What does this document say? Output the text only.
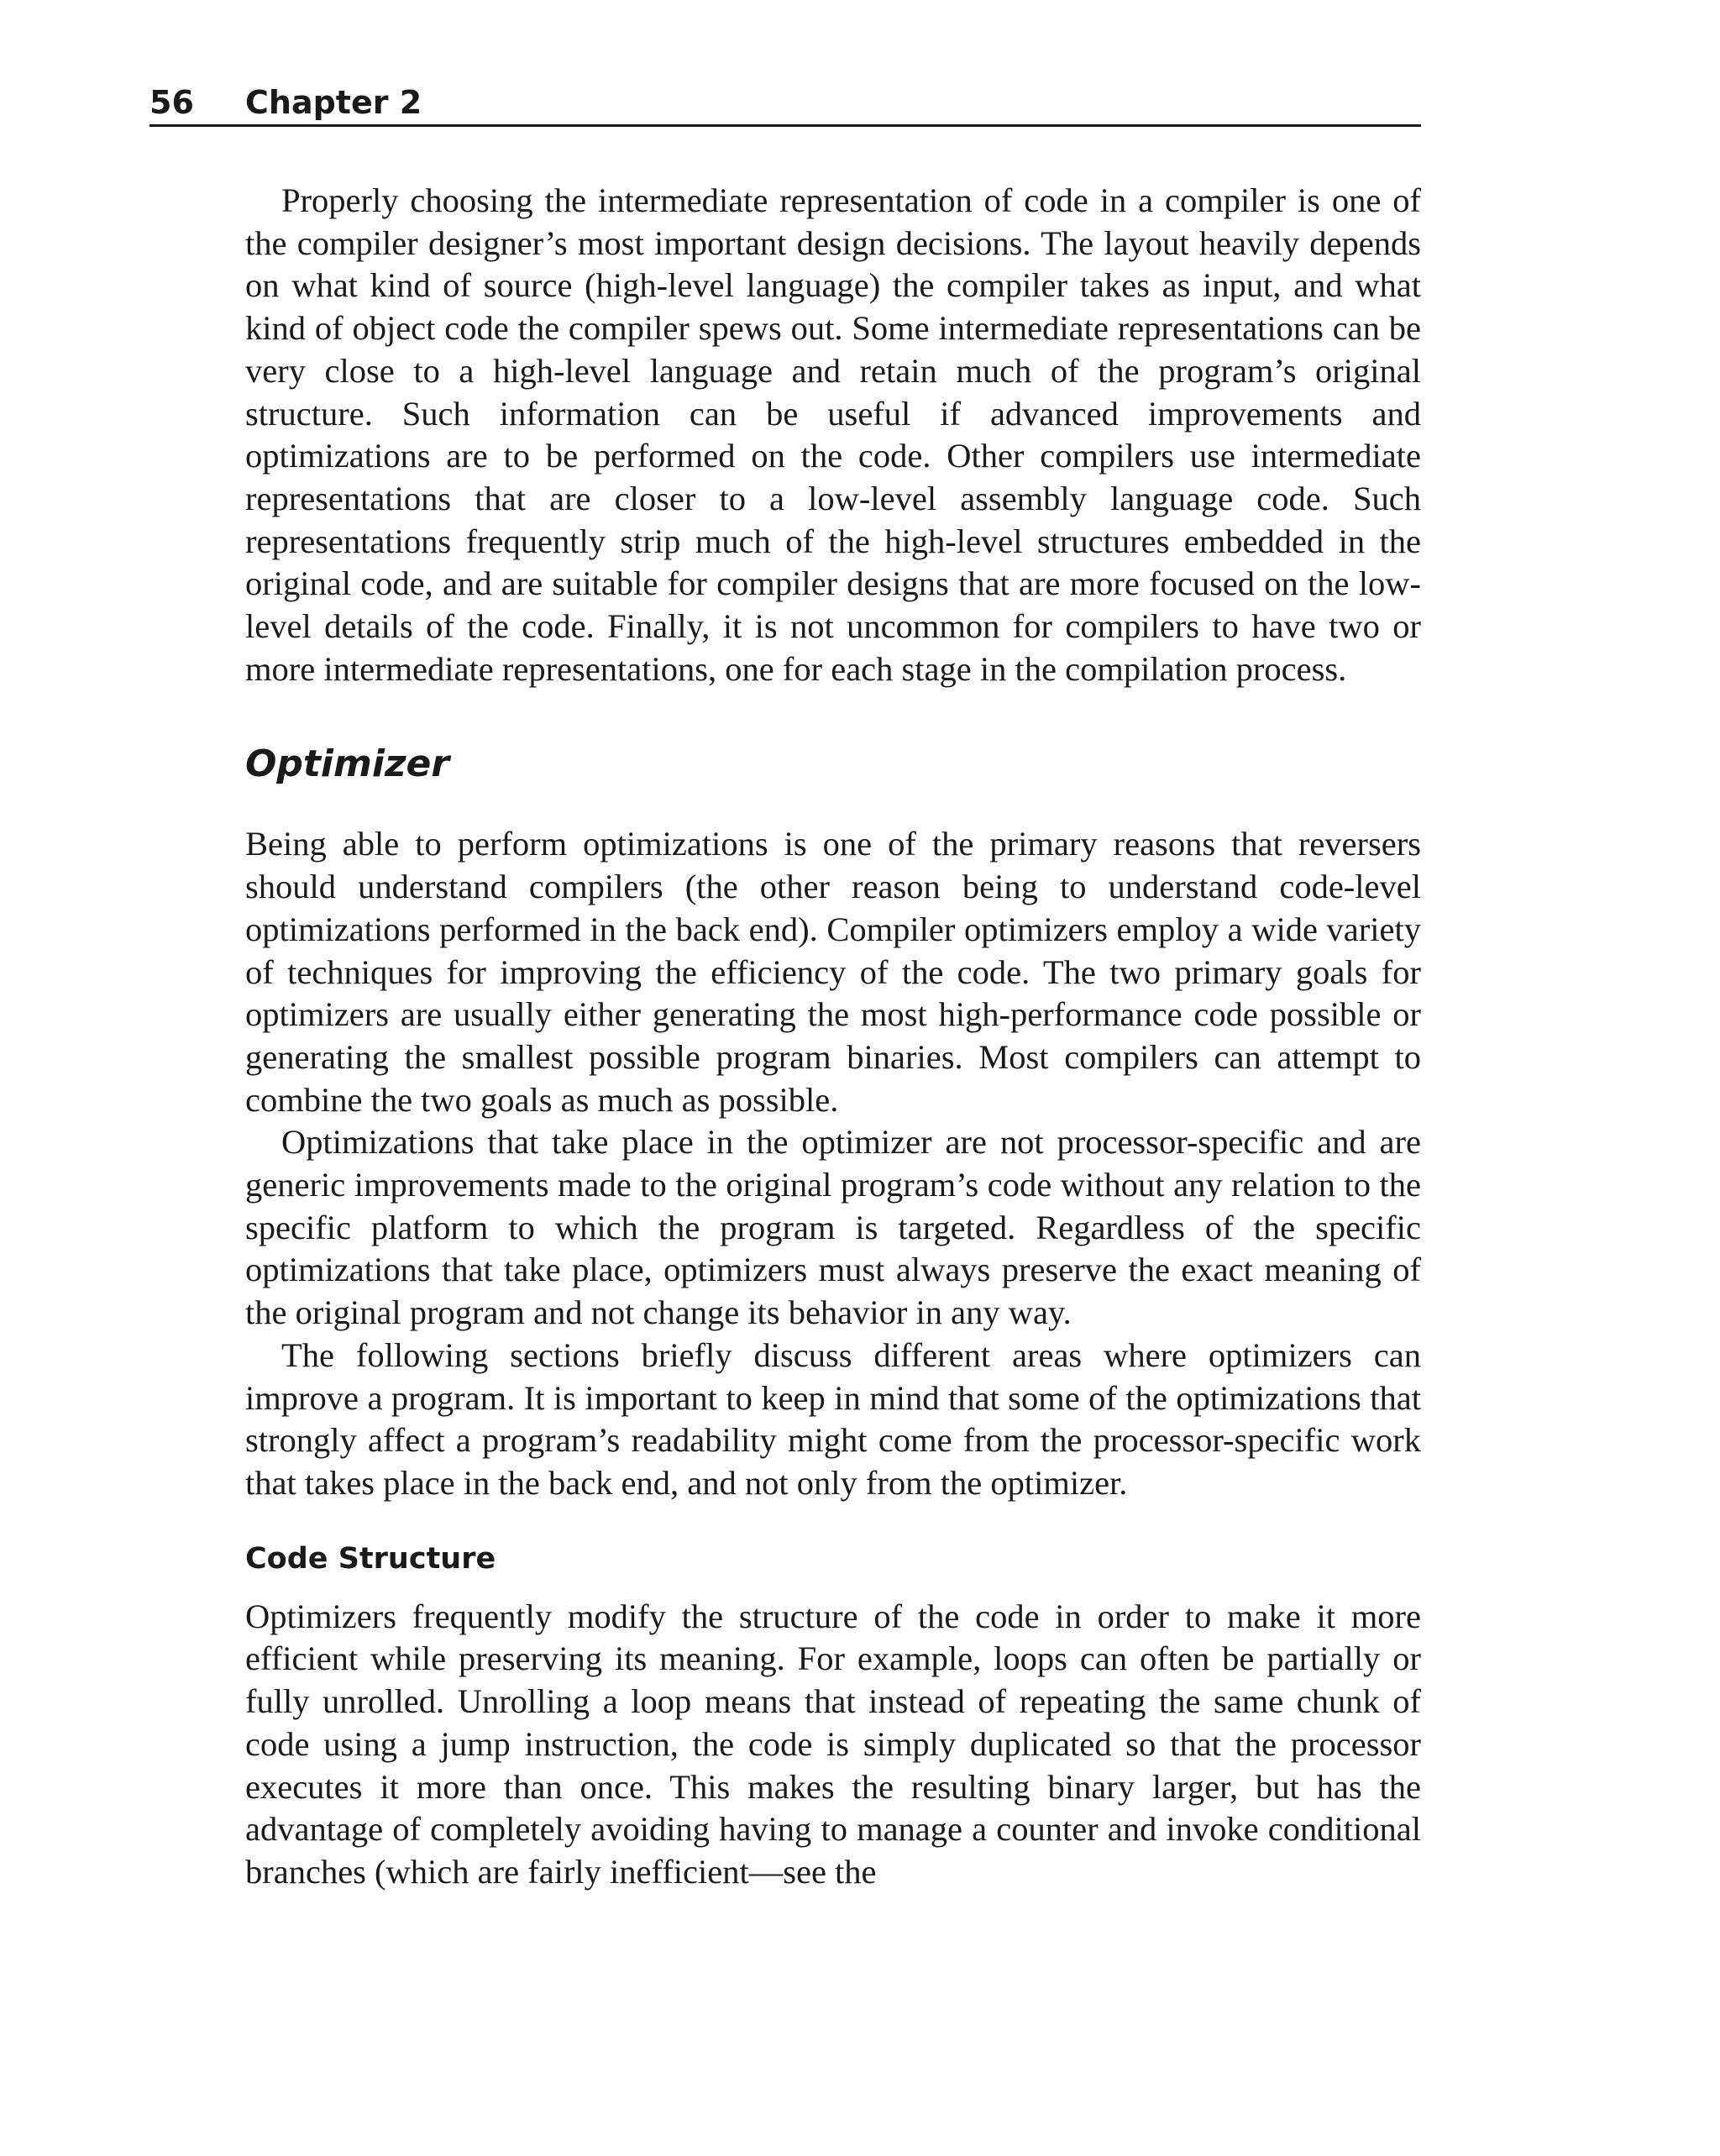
56 Chapter 2

Properly choosing the intermediate representation of code in a compiler is one of the compiler designer’s most important design decisions. The layout heavily depends on what kind of source (high-level language) the compiler takes as input, and what kind of object code the compiler spews out. Some intermediate representations can be very close to a high-level language and retain much of the program’s original structure. Such information can be useful if advanced improvements and optimizations are to be performed on the code. Other compilers use intermediate representations that are closer to a low-level assembly language code. Such representations frequently strip much of the high-level structures embedded in the original code, and are suitable for compiler designs that are more focused on the low-level details of the code. Finally, it is not uncommon for compilers to have two or more intermediate representations, one for each stage in the compilation process.

Optimizer

Being able to perform optimizations is one of the primary reasons that reversers should understand compilers (the other reason being to understand code-level optimizations performed in the back end). Compiler optimizers employ a wide variety of techniques for improving the efficiency of the code. The two primary goals for optimizers are usually either generating the most high-performance code possible or generating the smallest possible program binaries. Most compilers can attempt to combine the two goals as much as possible.

Optimizations that take place in the optimizer are not processor-specific and are generic improvements made to the original program’s code without any relation to the specific platform to which the program is targeted. Regardless of the specific optimizations that take place, optimizers must always preserve the exact meaning of the original program and not change its behavior in any way.

The following sections briefly discuss different areas where optimizers can improve a program. It is important to keep in mind that some of the optimizations that strongly affect a program’s readability might come from the processor-specific work that takes place in the back end, and not only from the optimizer.

Code Structure

Optimizers frequently modify the structure of the code in order to make it more efficient while preserving its meaning. For example, loops can often be partially or fully unrolled. Unrolling a loop means that instead of repeating the same chunk of code using a jump instruction, the code is simply duplicated so that the processor executes it more than once. This makes the resulting binary larger, but has the advantage of completely avoiding having to manage a counter and invoke conditional branches (which are fairly inefficient—see the
